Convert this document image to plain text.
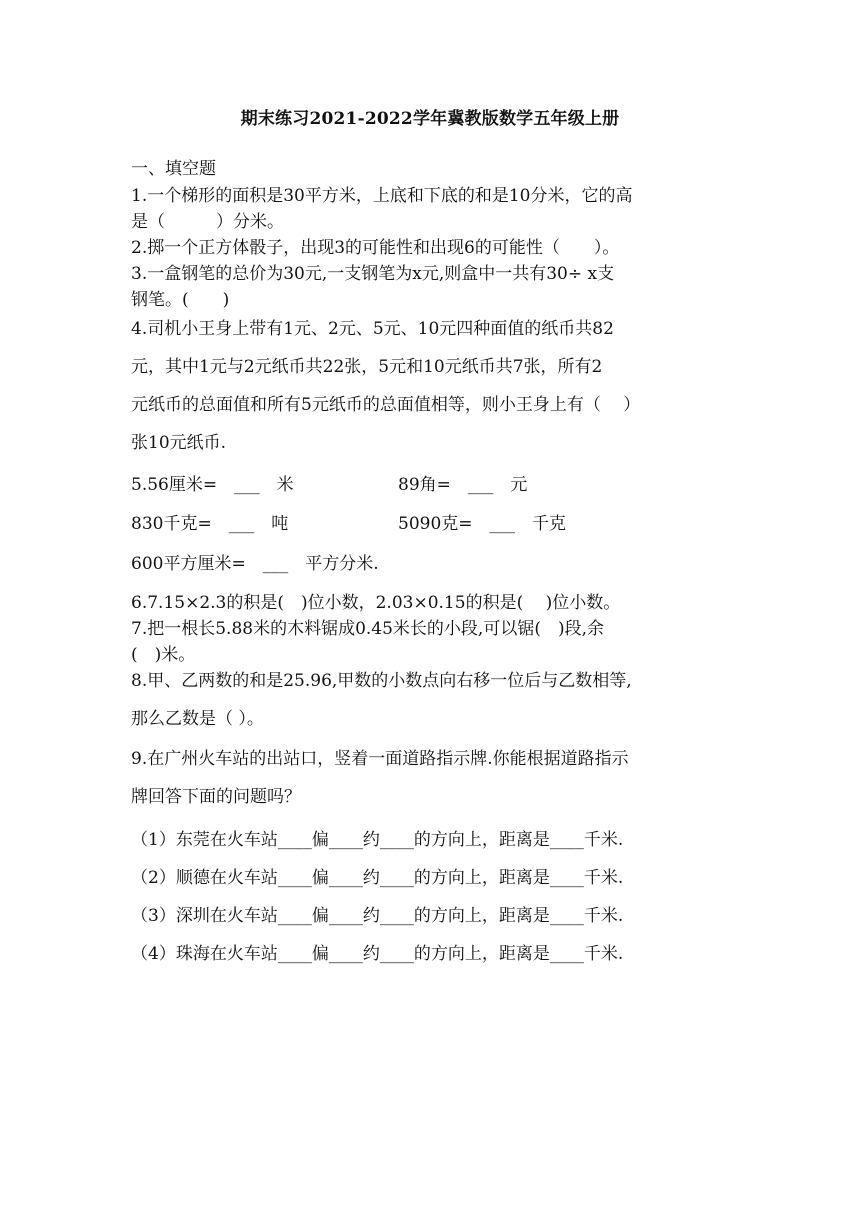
期末练习2021-2022学年冀教版数学五年级上册
一、填空题
1.一个梯形的面积是30平方米，上底和下底的和是10分米，它的高
是（　　　）分米。
2.掷一个正方体骰子，出现3的可能性和出现6的可能性（　　）。
3.一盒钢笔的总价为30元,一支钢笔为x元,则盒中一共有30÷ x支
钢笔。(　　)
4.司机小王身上带有1元、2元、5元、10元四种面值的纸币共82
元，其中1元与2元纸币共22张，5元和10元纸币共7张，所有2
元纸币的总面值和所有5元纸币的总面值相等，则小王身上有（　 ）
张10元纸币.
5.56厘米=　___　米	89角=　___　元
830千克=　___　吨	5090克=　___　千克
600平方厘米=　___　平方分米.
6.7.15×2.3的积是(　)位小数，2.03×0.15的积是(　 )位小数。
7.把一根长5.88米的木料锯成0.45米长的小段,可以锯(　)段,余
(　)米。
8.甲、乙两数的和是25.96,甲数的小数点向右移一位后与乙数相等,
那么乙数是（ ）。
9.在广州火车站的出站口，竖着一面道路指示牌.你能根据道路指示
牌回答下面的问题吗？
（1）东莞在火车站____偏____约____的方向上，距离是____千米.
（2）顺德在火车站____偏____约____的方向上，距离是____千米.
（3）深圳在火车站____偏____约____的方向上，距离是____千米.
（4）珠海在火车站____偏____约____的方向上，距离是____千米.
